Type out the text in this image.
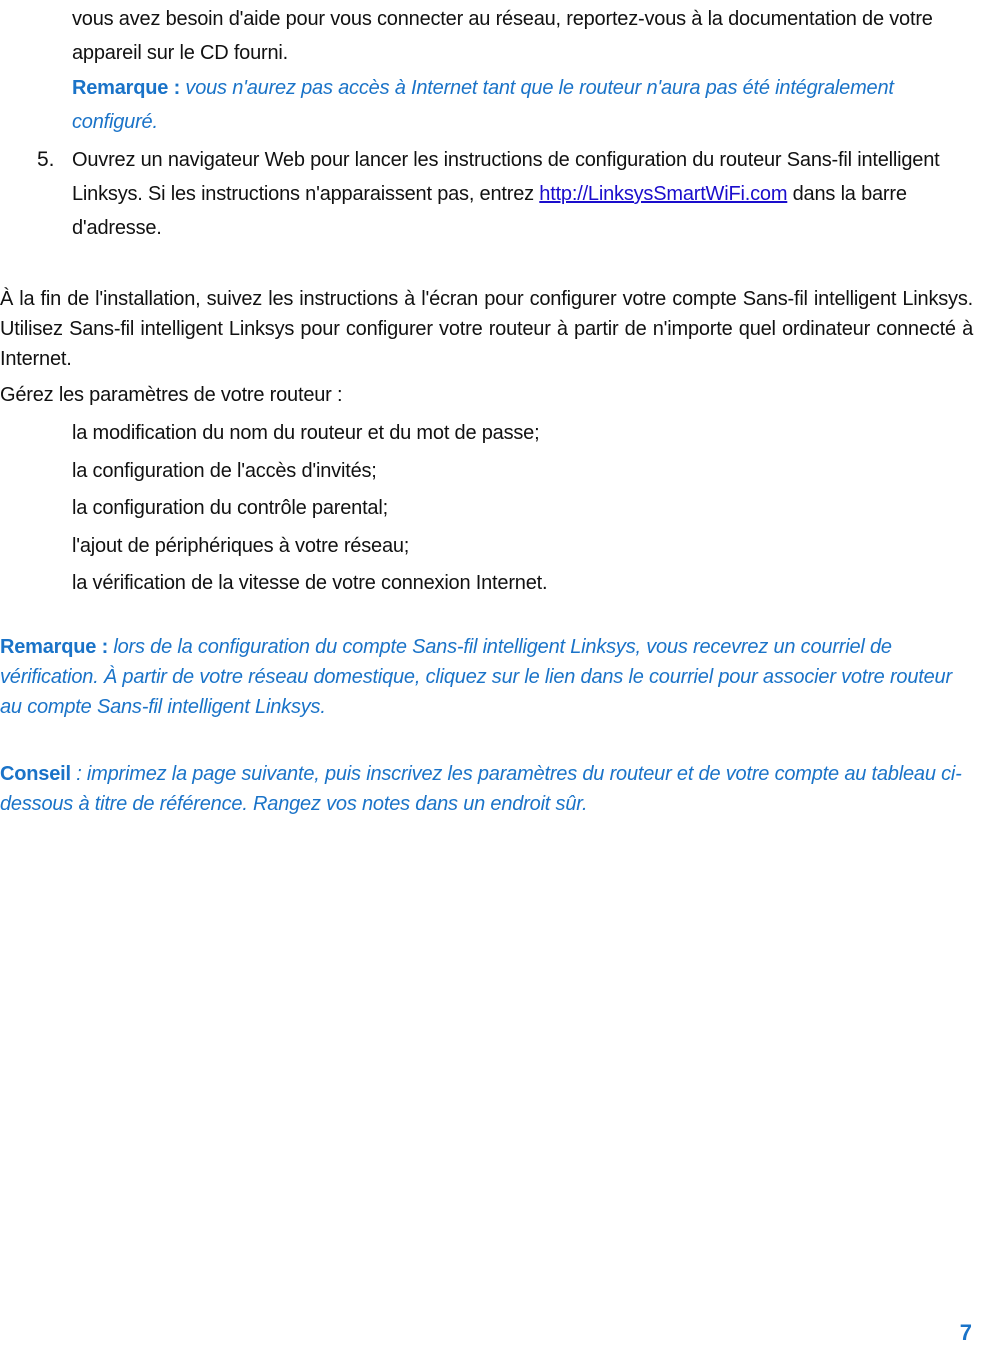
vous avez besoin d'aide pour vous connecter au réseau, reportez-vous à la documentation de votre appareil sur le CD fourni.
Remarque : vous n'aurez pas accès à Internet tant que le routeur n'aura pas été intégralement configuré.
5. Ouvrez un navigateur Web pour lancer les instructions de configuration du routeur Sans-fil intelligent Linksys. Si les instructions n'apparaissent pas, entrez http://LinksysSmartWiFi.com dans la barre d'adresse.
À la fin de l'installation, suivez les instructions à l'écran pour configurer votre compte Sans-fil intelligent Linksys. Utilisez Sans-fil intelligent Linksys pour configurer votre routeur à partir de n'importe quel ordinateur connecté à Internet.
Gérez les paramètres de votre routeur :
la modification du nom du routeur et du mot de passe;
la configuration de l'accès d'invités;
la configuration du contrôle parental;
l'ajout de périphériques à votre réseau;
la vérification de la vitesse de votre connexion Internet.
Remarque : lors de la configuration du compte Sans-fil intelligent Linksys, vous recevrez un courriel de vérification. À partir de votre réseau domestique, cliquez sur le lien dans le courriel pour associer votre routeur au compte Sans-fil intelligent Linksys.
Conseil : imprimez la page suivante, puis inscrivez les paramètres du routeur et de votre compte au tableau ci-dessous à titre de référence. Rangez vos notes dans un endroit sûr.
7
